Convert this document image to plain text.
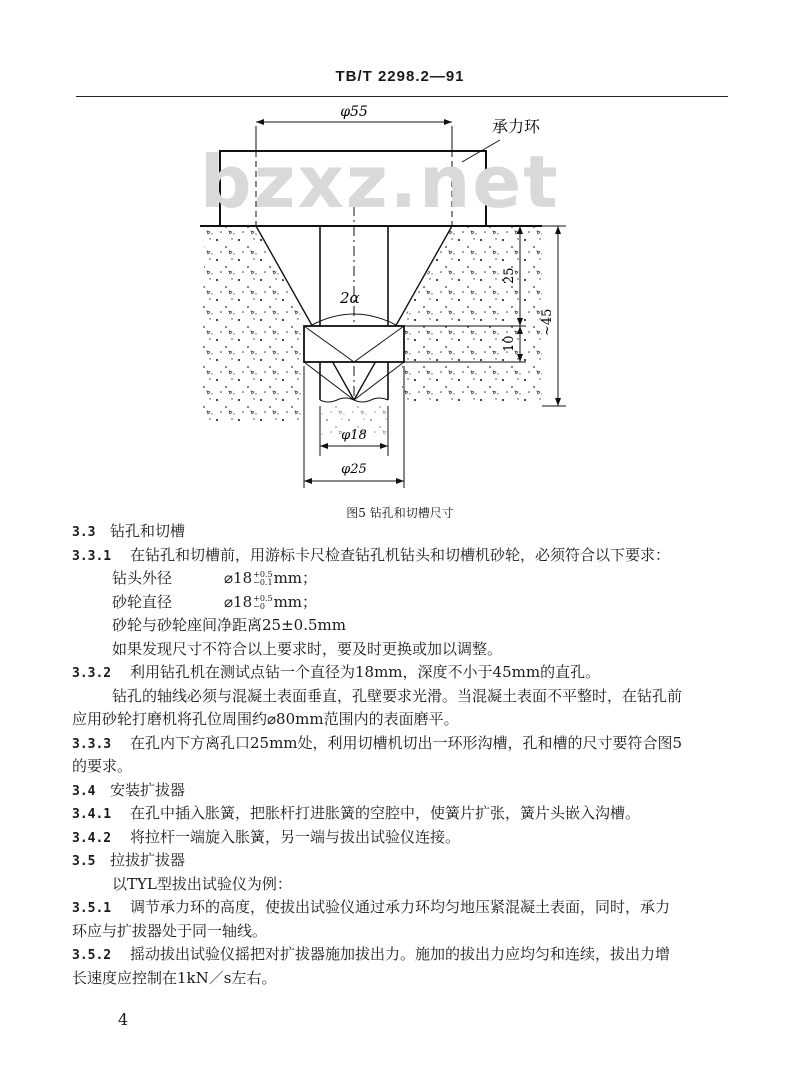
TB/T 2298.2—91
φ55
承力环
2α
25
10
~45
φ18
φ25
bzxz.net
图5 钻孔和切槽尺寸
3.3 钻孔和切槽
3.3.1 在钻孔和切槽前，用游标卡尺检查钻孔机钻头和切槽机砂轮，必须符合以下要求：
钻头外径	⌀18 +0.5
−0.1 mm；
砂轮直径	⌀18 +0.5
−0 mm；
砂轮与砂轮座间净距离25±0.5mm
如果发现尺寸不符合以上要求时，要及时更换或加以调整。
3.3.2 利用钻孔机在测试点钻一个直径为18mm，深度不小于45mm的直孔。
钻孔的轴线必须与混凝土表面垂直，孔壁要求光滑。当混凝土表面不平整时，在钻孔前
应用砂轮打磨机将孔位周围约⌀80mm范围内的表面磨平。
3.3.3 在孔内下方离孔口25mm处，利用切槽机切出一环形沟槽，孔和槽的尺寸要符合图5
的要求。
3.4 安装扩拔器
3.4.1 在孔中插入胀簧，把胀杆打进胀簧的空腔中，使簧片扩张，簧片头嵌入沟槽。
3.4.2 将拉杆一端旋入胀簧，另一端与拔出试验仪连接。
3.5 拉拔扩拔器
以TYL型拔出试验仪为例：
3.5.1 调节承力环的高度，使拔出试验仪通过承力环均匀地压紧混凝土表面，同时，承力
环应与扩拔器处于同一轴线。
3.5.2 摇动拔出试验仪摇把对扩拔器施加拔出力。施加的拔出力应均匀和连续，拔出力增
长速度应控制在1kN／s左右。
4
